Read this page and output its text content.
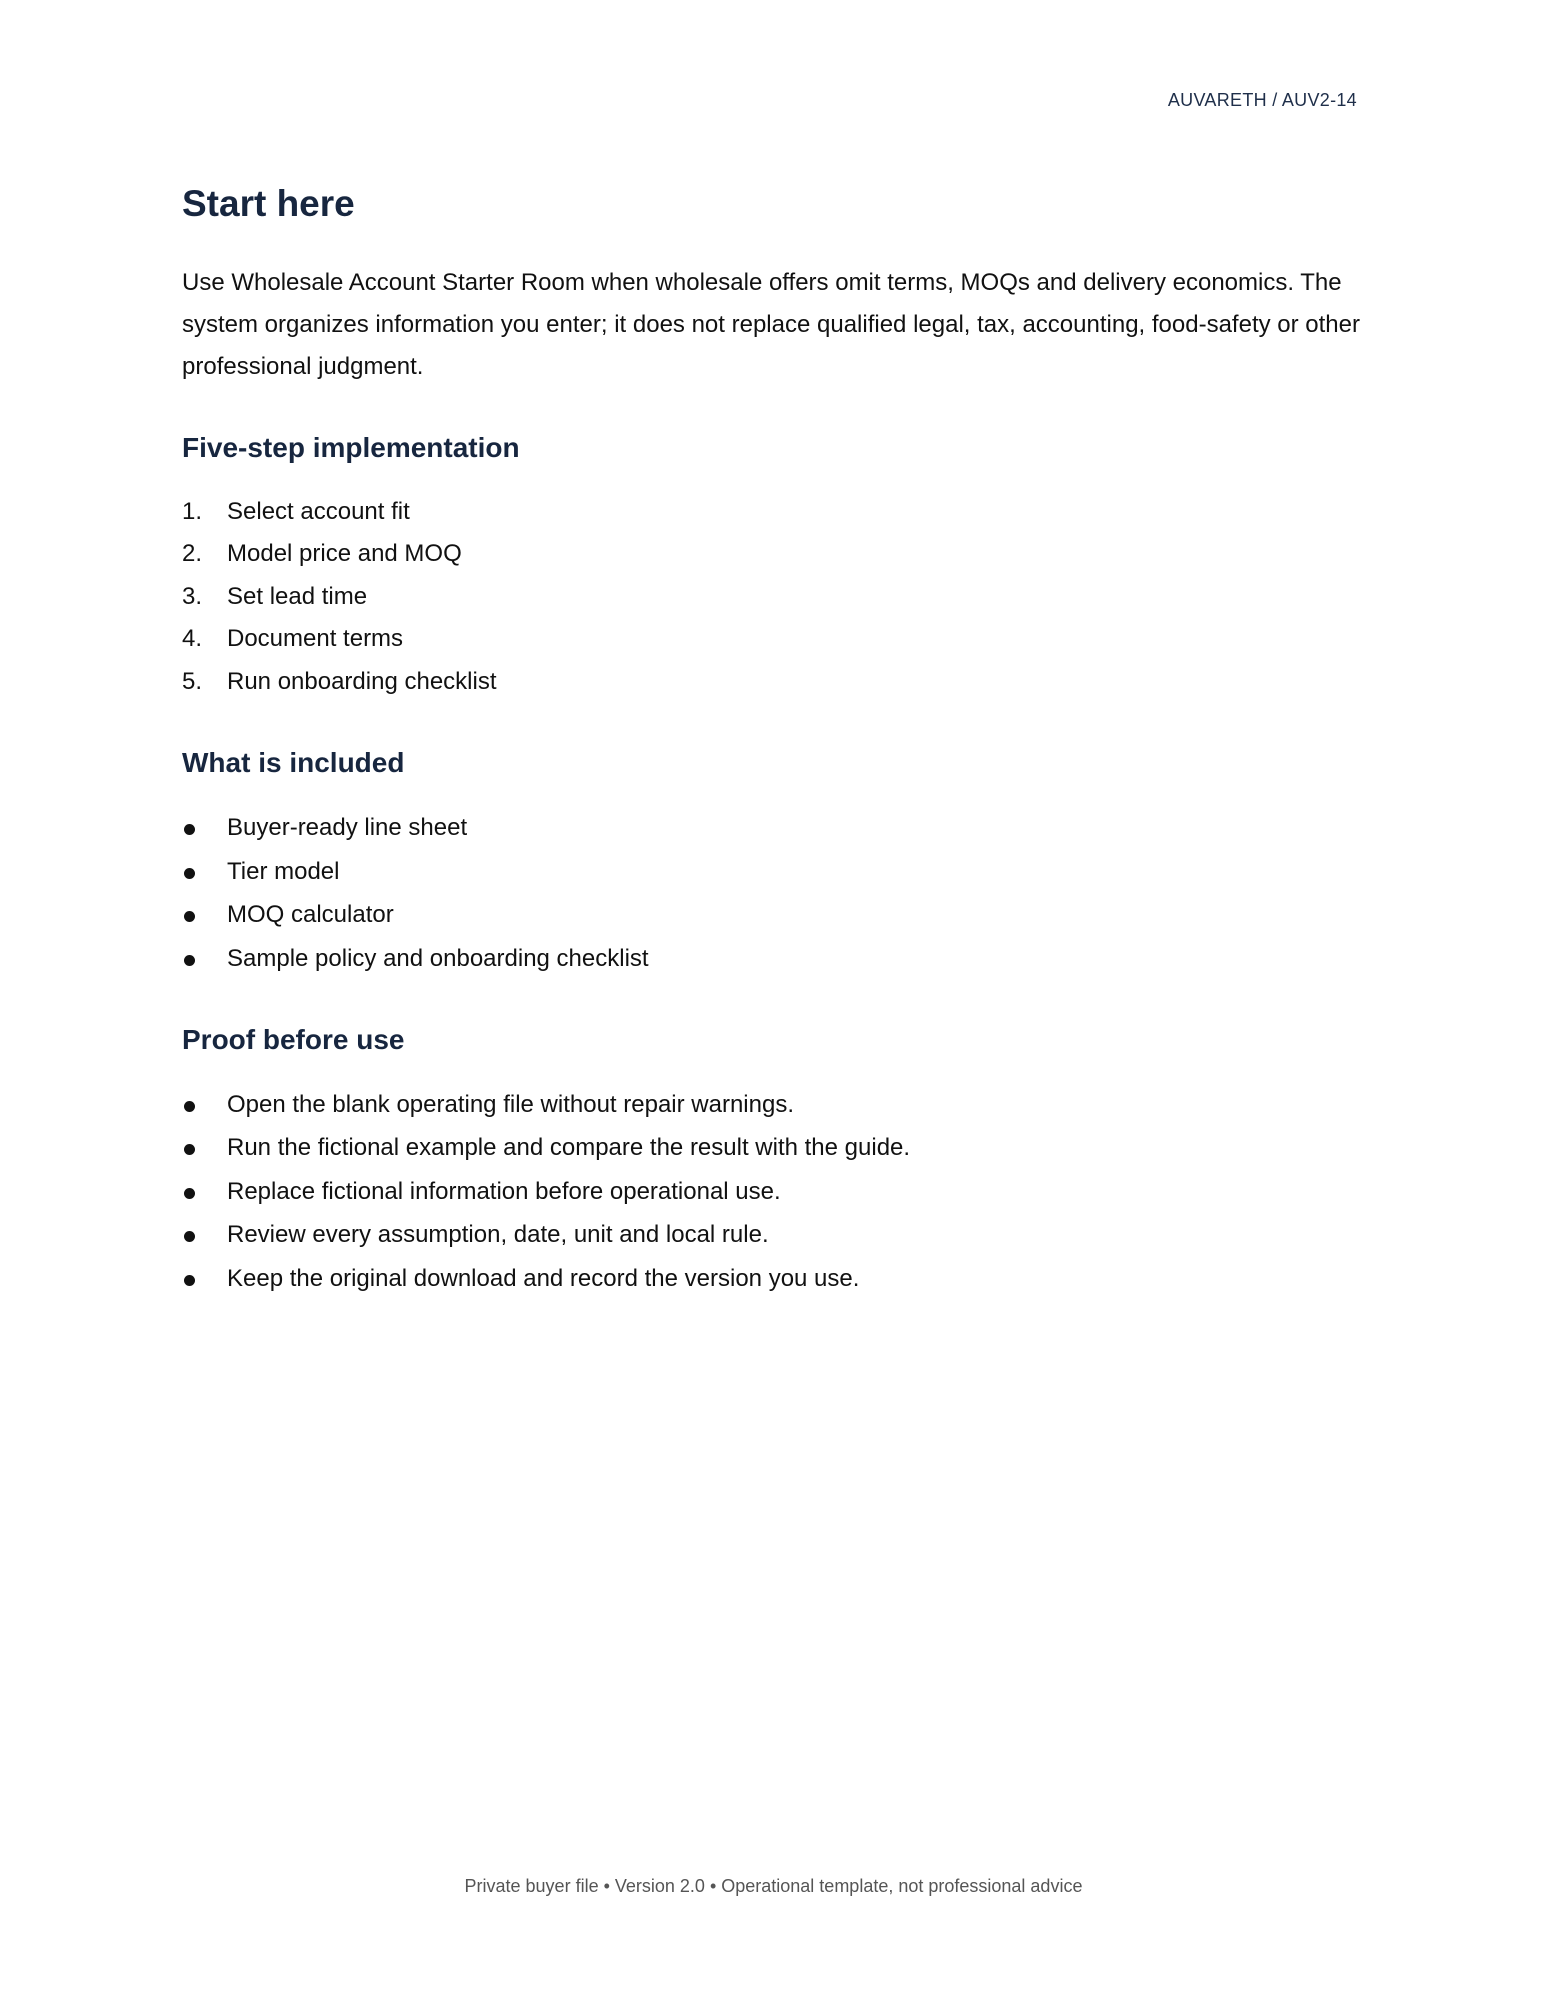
AUVARETH / AUV2-14
Start here

Use Wholesale Account Starter Room when wholesale offers omit terms, MOQs and delivery economics. The system organizes information you enter; it does not replace qualified legal, tax, accounting, food-safety or other professional judgment.

Five-step implementation
1. Select account fit
2. Model price and MOQ
3. Set lead time
4. Document terms
5. Run onboarding checklist
What is included
Buyer-ready line sheet
Tier model
MOQ calculator
Sample policy and onboarding checklist
Proof before use
Open the blank operating file without repair warnings.
Run the fictional example and compare the result with the guide.
Replace fictional information before operational use.
Review every assumption, date, unit and local rule.
Keep the original download and record the version you use.
Private buyer file • Version 2.0 • Operational template, not professional advice
